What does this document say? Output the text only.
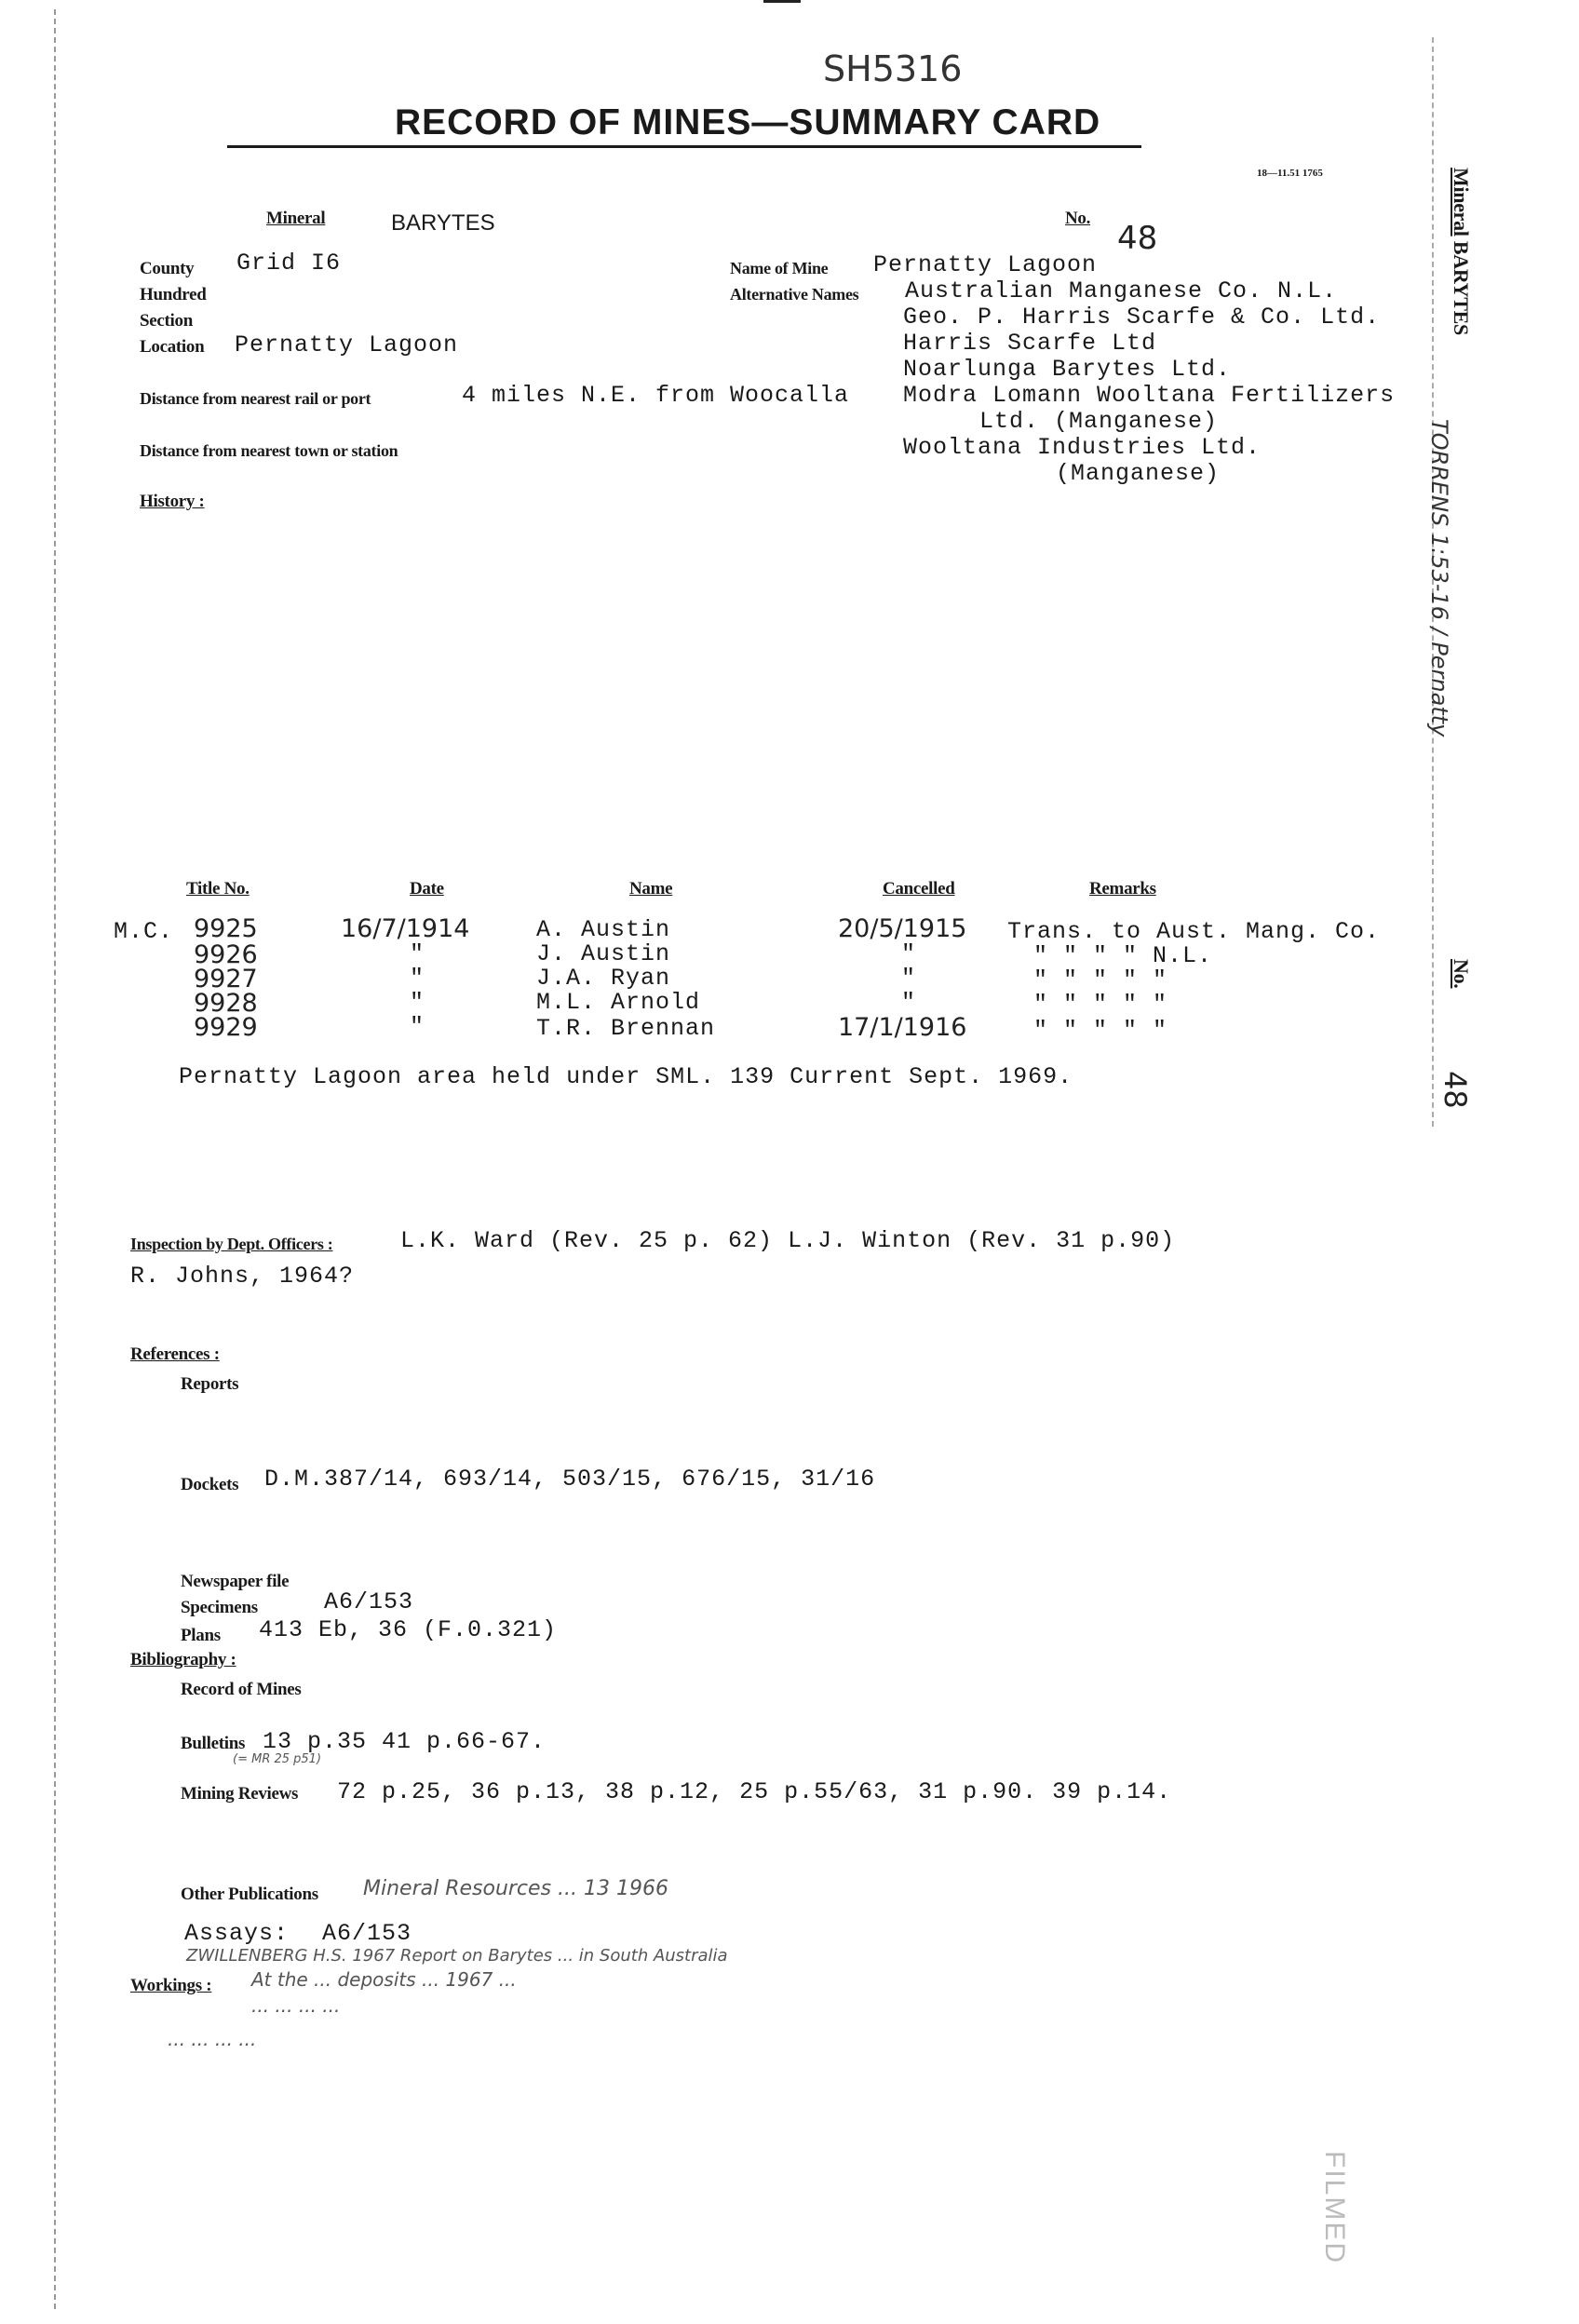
SH5316
RECORD OF MINES—SUMMARY CARD
18—11.51 1765
Mineral	BARYTES
County Grid I6
Hundred
Section
Location Pernatty Lagoon
Distance from nearest rail or port	4 miles N.E. from Woocalla
Distance from nearest town or station
History :
No.
48
Name of Mine Pernatty Lagoon
Alternative Names Australian Manganese Co. N.L.
Geo. P. Harris Scarfe & Co. Ltd.
Harris Scarfe Ltd
Noarlunga Barytes Ltd.
Modra Lomann Wooltana Fertilizers
Ltd. (Manganese)
Wooltana Industries Ltd.
(Manganese)
Title No.	Date	Name	Cancelled	Remarks
M.C. 9925	16/7/1914	A. Austin	20/5/1915 Trans. to Aust. Mang. Co.
9926	"	J. Austin	"	" " " " N.L.
9927	"	J.A. Ryan	"	" " " " "
9928	"	M.L. Arnold	"	" " " " "
9929	"	T.R. Brennan	17/1/1916	" " " " "
Pernatty Lagoon area held under SML. 139 Current Sept. 1969.
Inspection by Dept. Officers :	L.K. Ward (Rev. 25 p. 62) L.J. Winton (Rev. 31 p.90)
R. Johns, 1964?
References :
Reports
Dockets D.M.387/14, 693/14, 503/15, 676/15, 31/16
Newspaper file
Specimens	A6/153
Plans 413 Eb, 36 (F.0.321)
Bibliography :
Record of Mines
Bulletins 13 p.35 41 p.66-67.
(= MR 25 p51)
Mining Reviews 72 p.25, 36 p.13, 38 p.12, 25 p.55/63, 31 p.90. 39 p.14.
Other Publications Mineral Resources ... 13 1966
Assays: A6/153
ZWILLENBERG H.S. 1967 Report on Barytes ... in South Australia
Workings : At the ... deposits ... 1967 ...
... ... ... ...
... ... ... ...
Mineral BARYTES
TORRENS 1:53-16 / Pernatty
No.
48
FILMED
